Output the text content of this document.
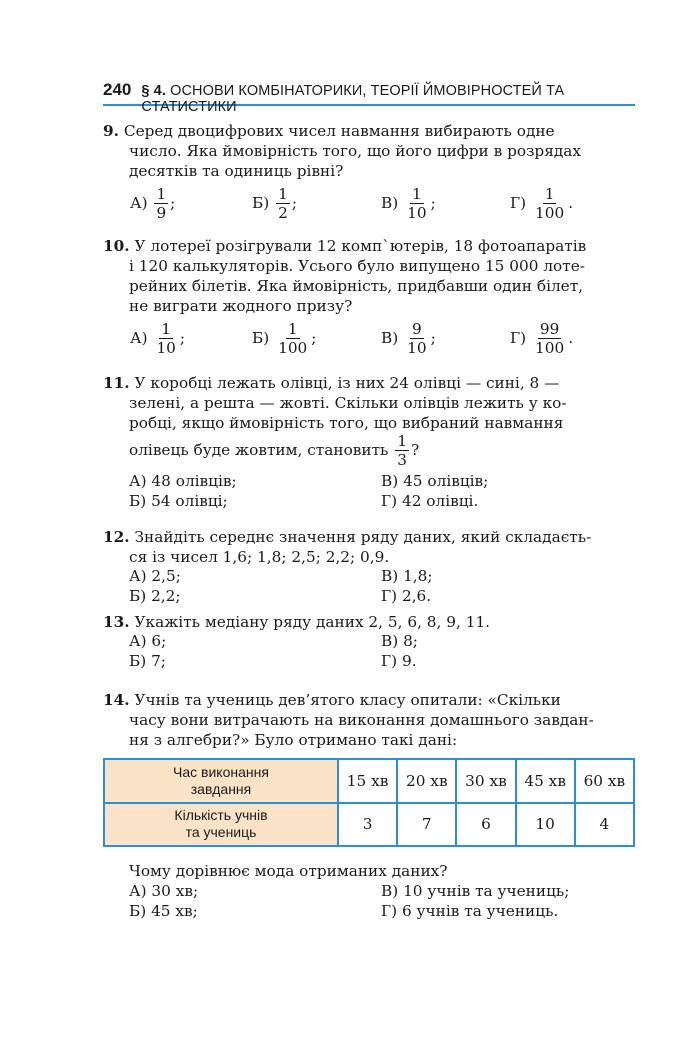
240 § 4. ОСНОВИ КОМБІНАТОРИКИ, ТЕОРІЇ ЙМОВІРНОСТЕЙ ТА СТАТИСТИКИ

9. Серед двоцифрових чисел навмання вибирають одне

число. Яка ймовірність того, що його цифри в розрядах

десятків та одиниць рівні?

А)
$\frac{1}{9}$ ;	Б)
$\frac{1}{2}$ ;	В)
$\frac{1}{10}$ ;	Г)
$\frac{1}{100}$ .

10. У лотереї розігрували 12 комп`ютерів, 18 фотоапаратів

і 120 калькуляторів. Усього було випущено 15 000 лоте-

рейних білетів. Яка ймовірність, придбавши один білет,

не виграти жодного призу?

А)
$\frac{1}{10}$ ;	Б)
$\frac{1}{100}$ ;	В)
$\frac{9}{10}$ ;	Г)
$\frac{99}{100}$ .

11. У коробці лежать олівці, із них 24 олівці — сині, 8 —

зелені, а решта — жовті. Скільки олівців лежить у ко-

робці, якщо ймовірність того, що вибраний навмання

олівець буде жовтим, становить
$\frac{1}{3}$ ?
А) 48 олівців;	В) 45 олівців;
Б) 54 олівці;	Г) 42 олівці.

12. Знайдіть середнє значення ряду даних, який складаєть-

ся із чисел 1,6; 1,8; 2,5; 2,2; 0,9.

А) 2,5;	В) 1,8;
Б) 2,2;	Г) 2,6.

13. Укажіть медіану ряду даних 2, 5, 6, 8, 9, 11.

А) 6;	В) 8;
Б) 7;	Г) 9.

14. Учнів та учениць дев’ятого класу опитали: «Скільки

часу вони витрачають на виконання домашнього завдан-

ня з алгебри?» Було отримано такі дані:

Час виконання
завдання	15 хв	20 хв	30 хв	45 хв	60 хв
Кількість учнів
та учениць	3	7	6	10	4
Чому дорівнює мода отриманих даних?
А) 30 хв;	В) 10 учнів та учениць;
Б) 45 хв;	Г) 6 учнів та учениць.
